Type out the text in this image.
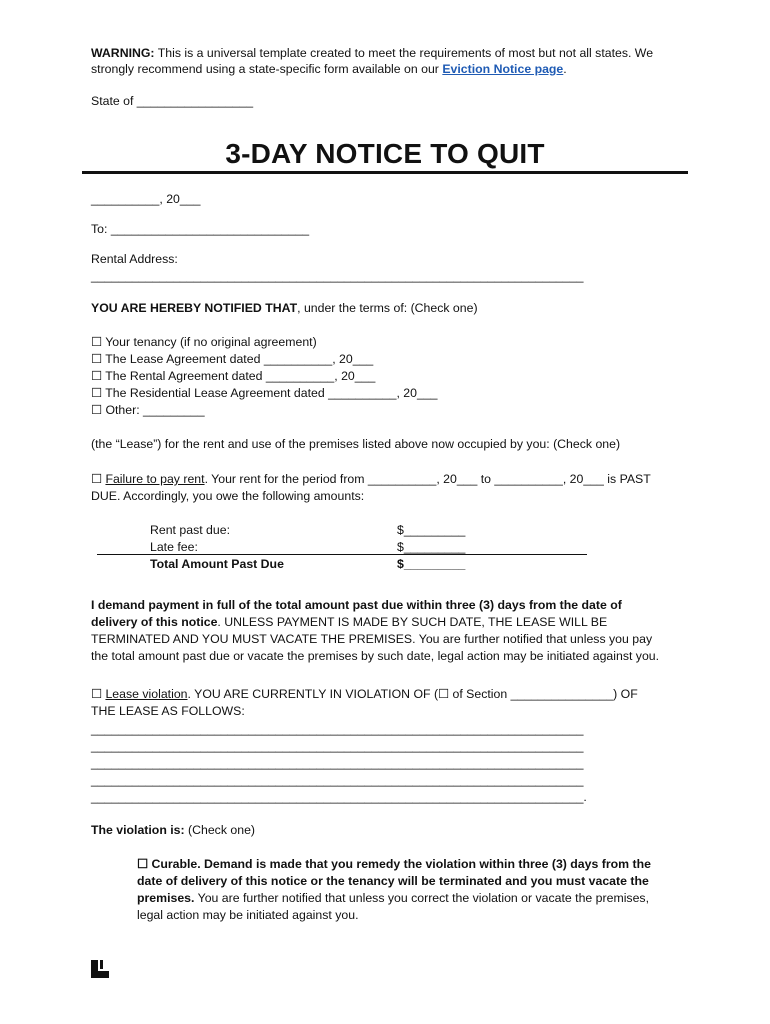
WARNING: This is a universal template created to meet the requirements of most but not all states. We
strongly recommend using a state-specific form available on our Eviction Notice page.
State of _________________
3-DAY NOTICE TO QUIT
__________, 20___
To: _____________________________
Rental Address:
________________________________________________________________________
YOU ARE HEREBY NOTIFIED THAT, under the terms of: (Check one)
☐ Your tenancy (if no original agreement)
☐ The Lease Agreement dated __________, 20___
☐ The Rental Agreement dated __________, 20___
☐ The Residential Lease Agreement dated __________, 20___
☐ Other: _________
(the “Lease”) for the rent and use of the premises listed above now occupied by you: (Check one)
☐ Failure to pay rent. Your rent for the period from __________, 20___ to __________, 20___ is PAST
DUE. Accordingly, you owe the following amounts:
Rent past due:	$_________
Late fee:	$_________
Total Amount Past Due	$_________
I demand payment in full of the total amount past due within three (3) days from the date of
delivery of this notice. UNLESS PAYMENT IS MADE BY SUCH DATE, THE LEASE WILL BE
TERMINATED AND YOU MUST VACATE THE PREMISES. You are further notified that unless you pay
the total amount past due or vacate the premises by such date, legal action may be initiated against you.
☐ Lease violation. YOU ARE CURRENTLY IN VIOLATION OF (☐ of Section _______________) OF
THE LEASE AS FOLLOWS:
________________________________________________________________________
________________________________________________________________________
________________________________________________________________________
________________________________________________________________________
________________________________________________________________________.
The violation is: (Check one)
☐ Curable. Demand is made that you remedy the violation within three (3) days from the
date of delivery of this notice or the tenancy will be terminated and you must vacate the
premises. You are further notified that unless you correct the violation or vacate the premises,
legal action may be initiated against you.
